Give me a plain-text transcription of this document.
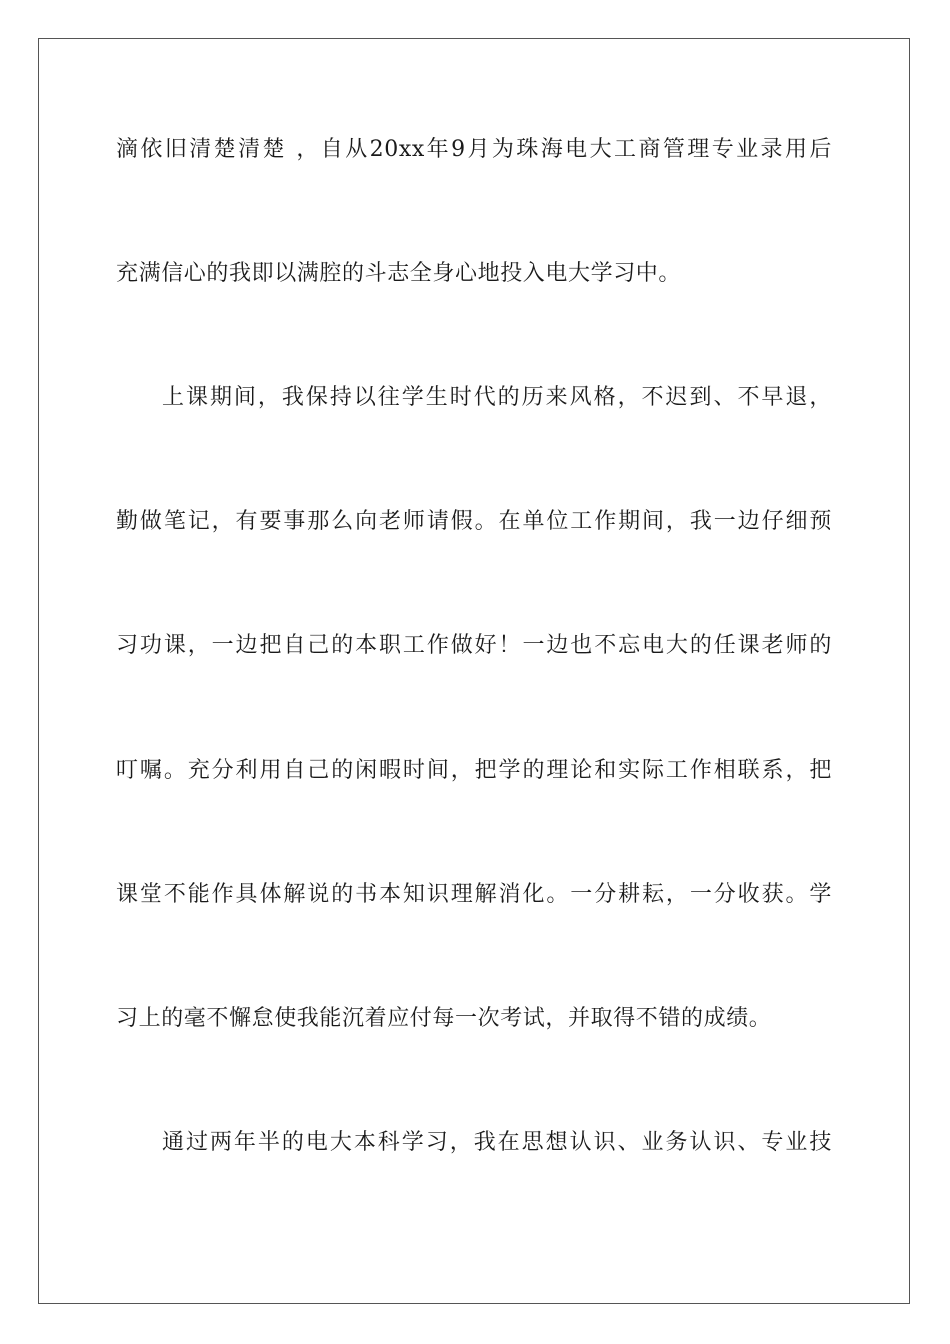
滴依旧清楚清楚 ，自从20xx年9月为珠海电大工商管理专业录用后
充满信心的我即以满腔的斗志全身心地投入电大学习中。
上课期间，我保持以往学生时代的历来风格，不迟到、不早退，
勤做笔记，有要事那么向老师请假。在单位工作期间，我一边仔细预
习功课，一边把自己的本职工作做好！一边也不忘电大的任课老师的
叮嘱。充分利用自己的闲暇时间，把学的理论和实际工作相联系，把
课堂不能作具体解说的书本知识理解消化。一分耕耘，一分收获。学
习上的毫不懈怠使我能沉着应付每一次考试，并取得不错的成绩。
通过两年半的电大本科学习，我在思想认识、业务认识、专业技
